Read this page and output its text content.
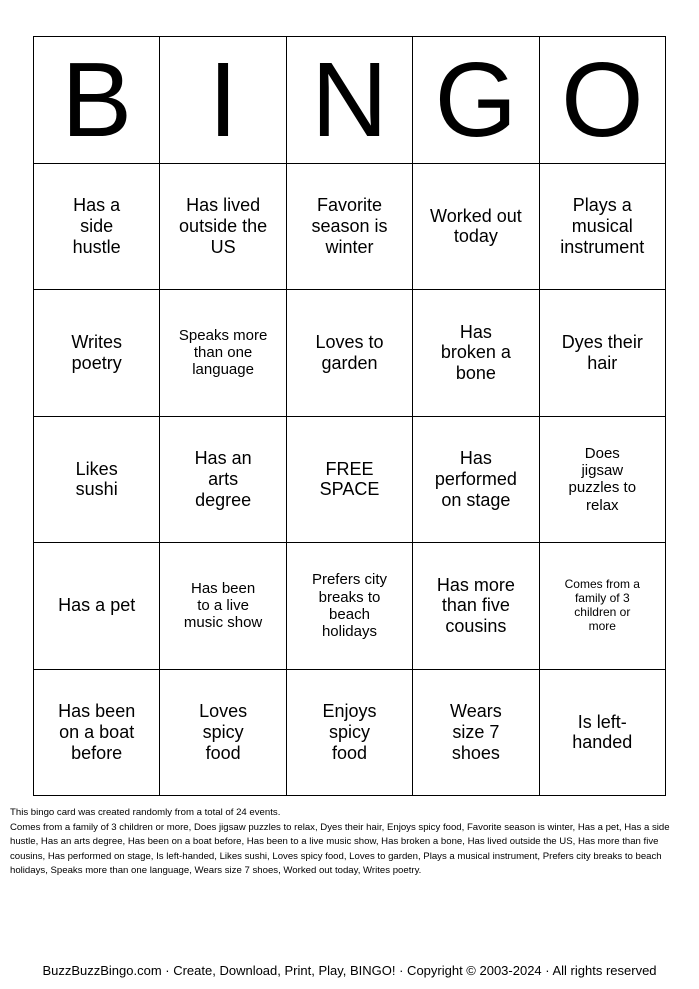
B I N G O
Has a side hustle
Has lived outside the US
Favorite season is winter
Worked out today
Plays a musical instrument
Writes poetry
Speaks more than one language
Loves to garden
Has broken a bone
Dyes their hair
Likes sushi
Has an arts degree
FREE SPACE
Has performed on stage
Does jigsaw puzzles to relax
Has a pet
Has been to a live music show
Prefers city breaks to beach holidays
Has more than five cousins
Comes from a family of 3 children or more
Has been on a boat before
Loves spicy food
Enjoys spicy food
Wears size 7 shoes
Is left-handed

This bingo card was created randomly from a total of 24 events.

Comes from a family of 3 children or more, Does jigsaw puzzles to relax, Dyes their hair, Enjoys spicy food, Favorite season is winter, Has a pet, Has a side hustle, Has an arts degree, Has been on a boat before, Has been to a live music show, Has broken a bone, Has lived outside the US, Has more than five cousins, Has performed on stage, Is left-handed, Likes sushi, Loves spicy food, Loves to garden, Plays a musical instrument, Prefers city breaks to beach holidays, Speaks more than one language, Wears size 7 shoes, Worked out today, Writes poetry.

BuzzBuzzBingo.com · Create, Download, Print, Play, BINGO! · Copyright © 2003-2024 · All rights reserved
